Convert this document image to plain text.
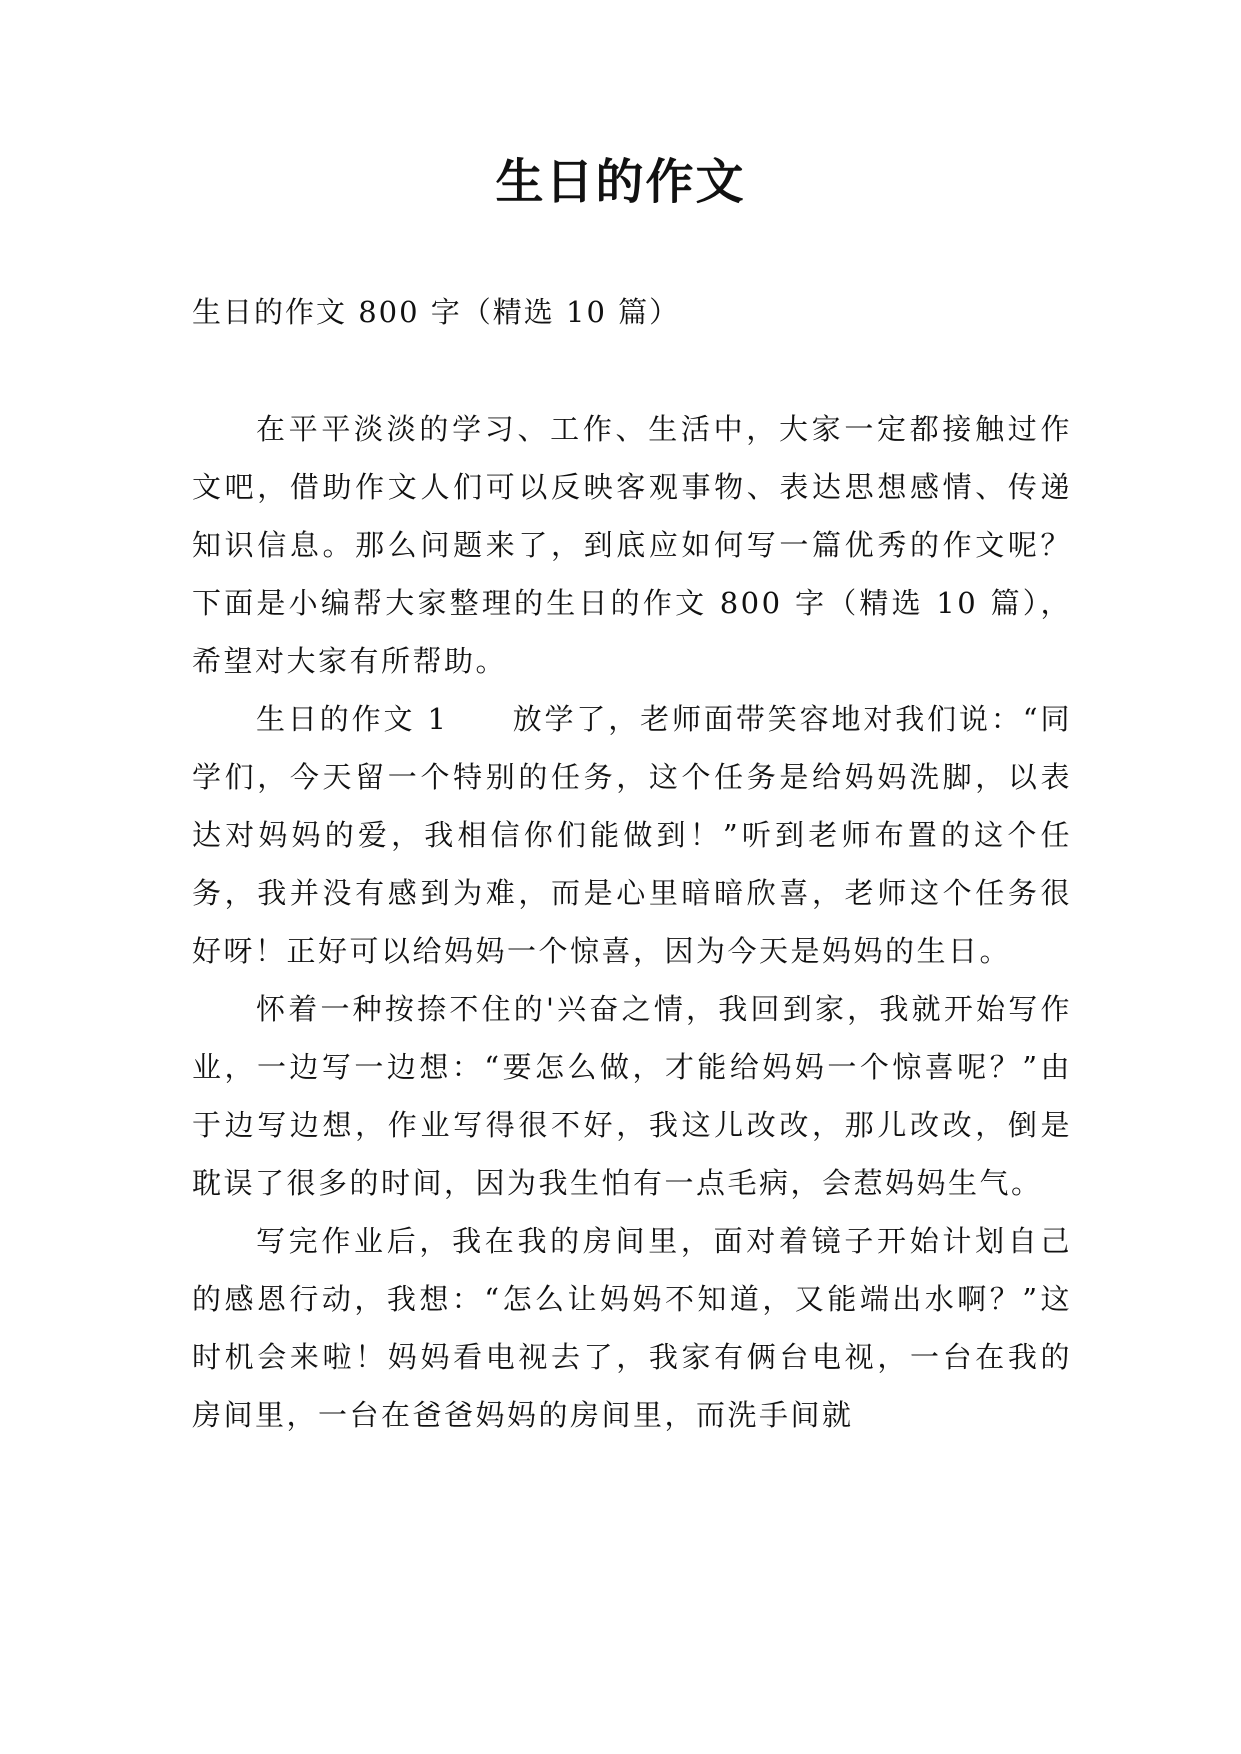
生日的作文

生日的作文 800 字（精选 10 篇）

在平平淡淡的学习、工作、生活中，大家一定都接触过作文吧，借助作文人们可以反映客观事物、表达思想感情、传递知识信息。那么问题来了，到底应如何写一篇优秀的作文呢？下面是小编帮大家整理的生日的作文 800 字（精选 10 篇），希望对大家有所帮助。

生日的作文 1　　放学了，老师面带笑容地对我们说：“同学们，今天留一个特别的任务，这个任务是给妈妈洗脚，以表达对妈妈的爱，我相信你们能做到！”听到老师布置的这个任务，我并没有感到为难，而是心里暗暗欣喜，老师这个任务很好呀！正好可以给妈妈一个惊喜，因为今天是妈妈的生日。

怀着一种按捺不住的'兴奋之情，我回到家，我就开始写作业，一边写一边想：“要怎么做，才能给妈妈一个惊喜呢？”由于边写边想，作业写得很不好，我这儿改改，那儿改改，倒是耽误了很多的时间，因为我生怕有一点毛病，会惹妈妈生气。

写完作业后，我在我的房间里，面对着镜子开始计划自己的感恩行动，我想：“怎么让妈妈不知道，又能端出水啊？”这时机会来啦！妈妈看电视去了，我家有俩台电视，一台在我的房间里，一台在爸爸妈妈的房间里，而洗手间就
